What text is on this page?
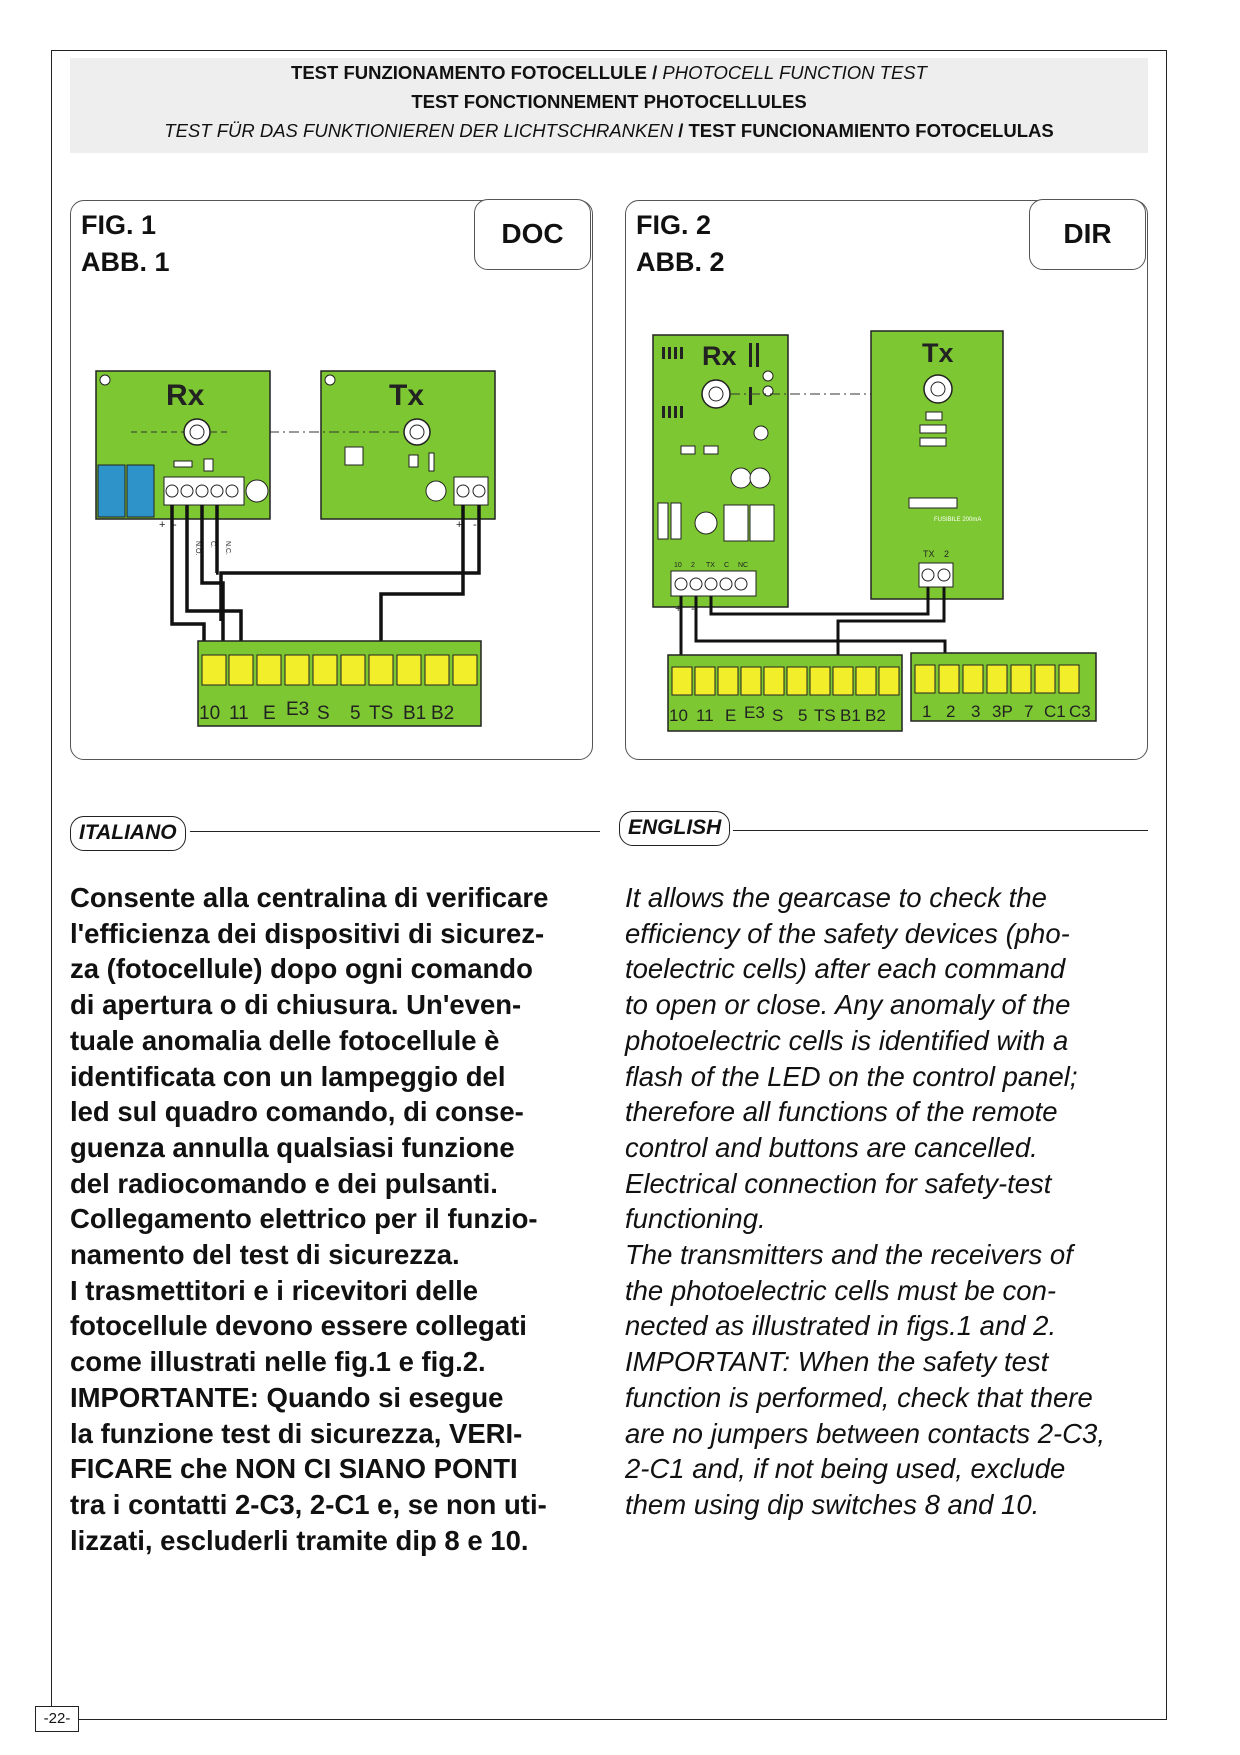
TEST FUNZIONAMENTO FOTOCELLULE / PHOTOCELL FUNCTION TEST
TEST FONCTIONNEMENT PHOTOCELLULES
TEST FÜR DAS FUNKTIONIEREN DER LICHTSCHRANKEN / TEST FUNCIONAMIENTO FOTOCELULAS
Rx
+ -
N.O. C. N.C.
Tx
+ -
10 11 E E3 S 5 TS B1 B2
FIG. 1
ABB. 1
DOC
Rx
10 2 TX C NC
+ -
Tx
FUSIBILE 200mA
TX 2
-
10 11 E E3 S 5 TS B1 B2 1 2 3 3P 7 C1 C3
FIG. 2
ABB. 2
DIR
ITALIANO	ENGLISH
Consente alla centralina di verificare
l'efficienza dei dispositivi di sicurez-
za (fotocellule) dopo ogni comando
di apertura o di chiusura. Un'even-
tuale anomalia delle fotocellule è
identificata con un lampeggio del
led sul quadro comando, di conse-
guenza annulla qualsiasi funzione
del radiocomando e dei pulsanti.
Collegamento elettrico per il funzio-
namento del test di sicurezza.
I trasmettitori e i ricevitori delle
fotocellule devono essere collegati
come illustrati nelle fig.1 e fig.2.
IMPORTANTE: Quando si esegue
la funzione test di sicurezza, VERI-
FICARE che NON CI SIANO PONTI
tra i contatti 2-C3, 2-C1 e, se non uti-
lizzati, escluderli tramite dip 8 e 10.
It allows the gearcase to check the
efficiency of the safety devices (pho-
toelectric cells) after each command
to open or close. Any anomaly of the
photoelectric cells is identified with a
flash of the LED on the control panel;
therefore all functions of the remote
control and buttons are cancelled.
Electrical connection for safety-test
functioning.
The transmitters and the receivers of
the photoelectric cells must be con-
nected as illustrated in figs.1 and 2.
IMPORTANT: When the safety test
function is performed, check that there
are no jumpers between contacts 2-C3,
2-C1 and, if not being used, exclude
them using dip switches 8 and 10.
-22-
